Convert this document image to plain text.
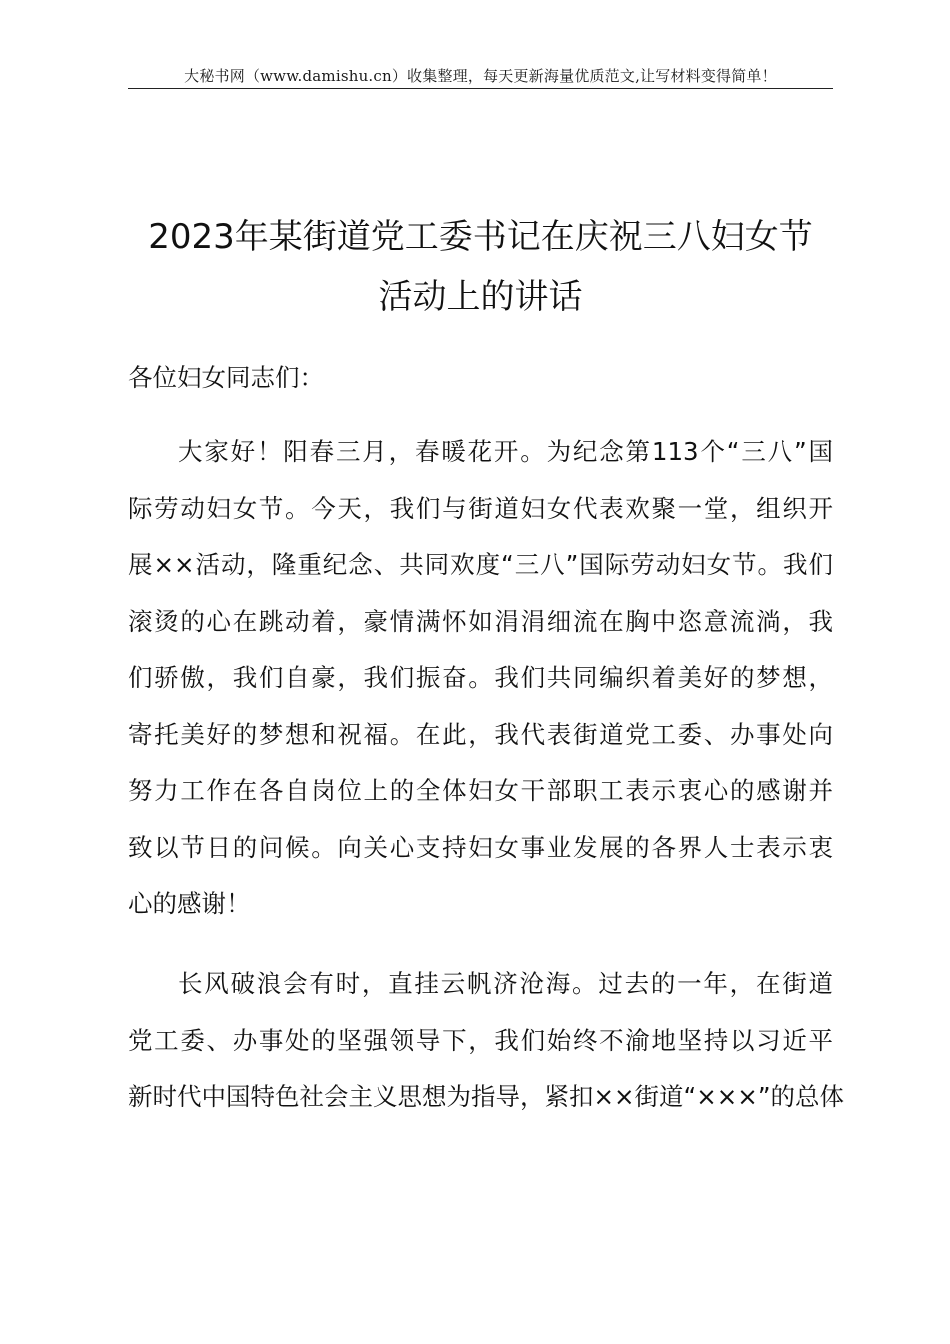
大秘书网（www.damishu.cn）收集整理，每天更新海量优质范文,让写材料变得简单！
2023年某街道党工委书记在庆祝三八妇女节
活动上的讲话
各位妇女同志们：
大家好！阳春三月，春暖花开。为纪念第113个“三八”国
际劳动妇女节。今天，我们与街道妇女代表欢聚一堂，组织开
展××活动，隆重纪念、共同欢度“三八”国际劳动妇女节。我们
滚烫的心在跳动着，豪情满怀如涓涓细流在胸中恣意流淌，我
们骄傲，我们自豪，我们振奋。我们共同编织着美好的梦想，
寄托美好的梦想和祝福。在此，我代表街道党工委、办事处向
努力工作在各自岗位上的全体妇女干部职工表示衷心的感谢并
致以节日的问候。向关心支持妇女事业发展的各界人士表示衷
心的感谢！
长风破浪会有时，直挂云帆济沧海。过去的一年，在街道
党工委、办事处的坚强领导下，我们始终不渝地坚持以习近平
新时代中国特色社会主义思想为指导，紧扣××街道“×××”的总体
